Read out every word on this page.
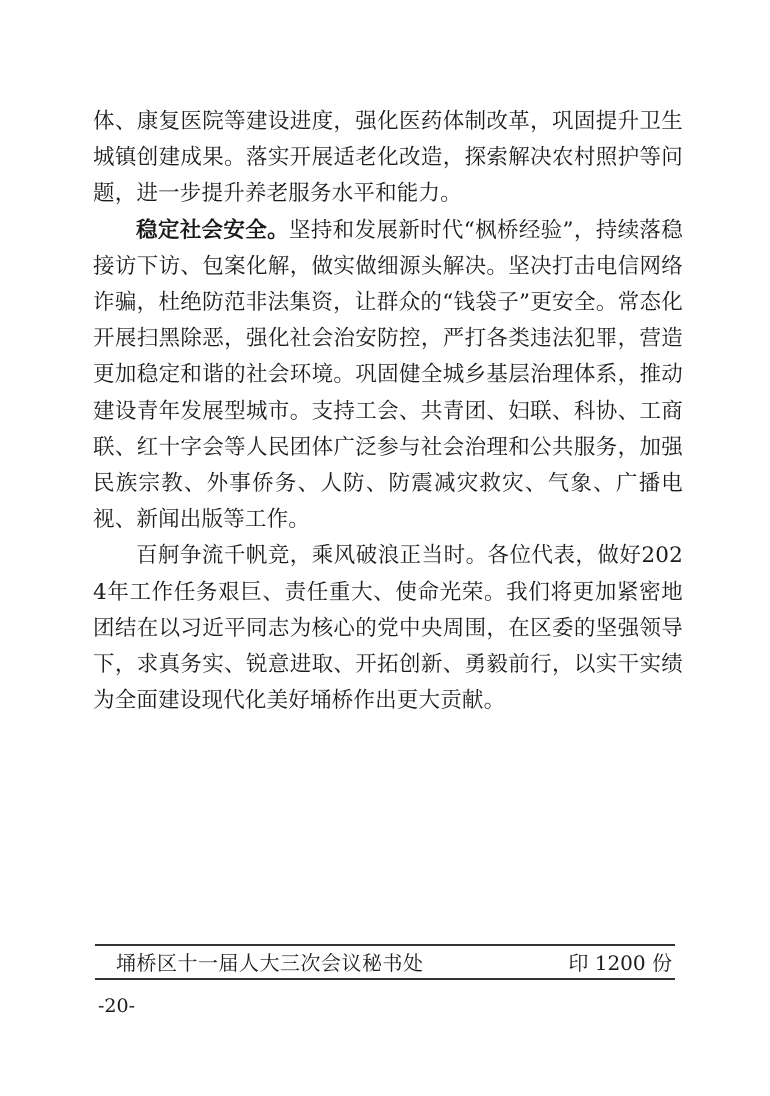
体、康复医院等建设进度，强化医药体制改革，巩固提升卫生城镇创建成果。落实开展适老化改造，探索解决农村照护等问题，进一步提升养老服务水平和能力。

稳定社会安全。坚持和发展新时代“枫桥经验”，持续落稳接访下访、包案化解，做实做细源头解决。坚决打击电信网络诈骗，杜绝防范非法集资，让群众的“钱袋子”更安全。常态化开展扫黑除恶，强化社会治安防控，严打各类违法犯罪，营造更加稳定和谐的社会环境。巩固健全城乡基层治理体系，推动建设青年发展型城市。支持工会、共青团、妇联、科协、工商联、红十字会等人民团体广泛参与社会治理和公共服务，加强民族宗教、外事侨务、人防、防震减灾救灾、气象、广播电视、新闻出版等工作。

百舸争流千帆竞，乘风破浪正当时。各位代表，做好2024年工作任务艰巨、责任重大、使命光荣。我们将更加紧密地团结在以习近平同志为核心的党中央周围，在区委的坚强领导下，求真务实、锐意进取、开拓创新、勇毅前行，以实干实绩为全面建设现代化美好埇桥作出更大贡献。

埇桥区十一届人大三次会议秘书处	印 1200 份
-20-
